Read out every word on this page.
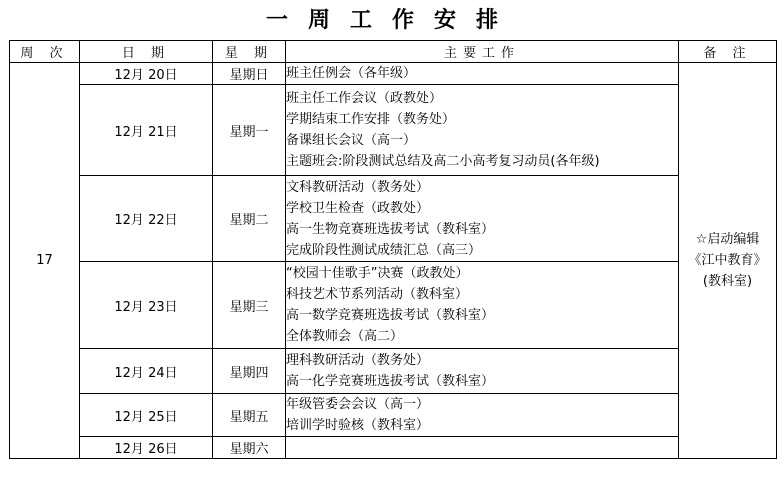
一周工作安排
周 次	日 期	星 期	主要工作	备 注
17	12月 20日	星期日	班主任例会（各年级）	☆启动编辑《江中教育》(教科室)
	12月 21日	星期一	班主任工作会议（政教处）
学期结束工作安排（教务处）
备课组长会议（高一）
主题班会:阶段测试总结及高二小高考复习动员(各年级)	

	12月 22日	星期二	文科教研活动（教务处）
学校卫生检查（政教处）
高一生物竞赛班选拔考试（教科室）
完成阶段性测试成绩汇总（高三）	

	12月 23日	星期三	“校园十佳歌手”决赛（政教处）
科技艺术节系列活动（教科室）
高一数学竞赛班选拔考试（教科室）
全体教师会（高二）	

	12月 24日	星期四	理科教研活动（教务处）
高一化学竞赛班选拔考试（教科室）	

	12月 25日	星期五	年级管委会会议（高一）
培训学时验核（教科室）	

	12月 26日	星期六		
